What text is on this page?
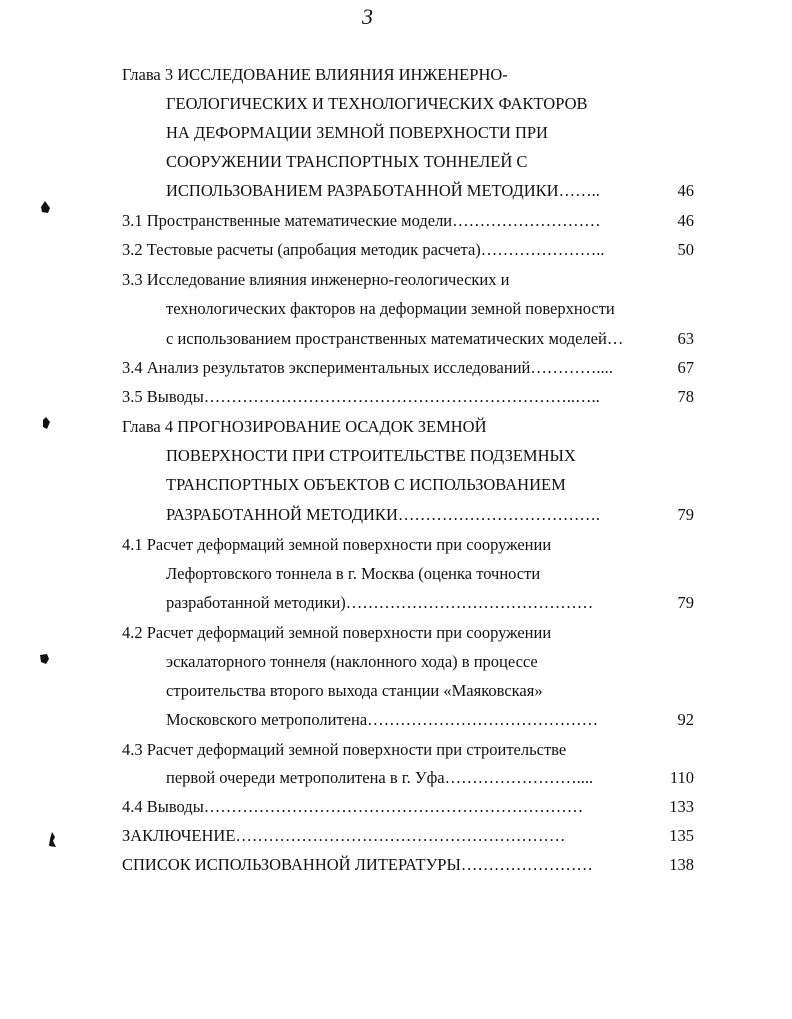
3
Глава 3 ИССЛЕДОВАНИЕ ВЛИЯНИЯ ИНЖЕНЕРНО-
ГЕОЛОГИЧЕСКИХ И ТЕХНОЛОГИЧЕСКИХ ФАКТОРОВ
НА ДЕФОРМАЦИИ ЗЕМНОЙ ПОВЕРХНОСТИ ПРИ
СООРУЖЕНИИ ТРАНСПОРТНЫХ ТОННЕЛЕЙ С
ИСПОЛЬЗОВАНИЕМ РАЗРАБОТАННОЙ МЕТОДИКИ……..	46
3.1 Пространственные математические модели………………………	46
3.2 Тестовые расчеты (апробация методик расчета)…………………..	50
3.3 Исследование влияния инженерно-геологических и
технологических факторов на деформации земной поверхности
с использованием пространственных математических моделей…	63
3.4 Анализ результатов экспериментальных исследований…………....	67
3.5 Выводы…………………………………………………………..…..	78
Глава 4 ПРОГНОЗИРОВАНИЕ ОСАДОК ЗЕМНОЙ
ПОВЕРХНОСТИ ПРИ СТРОИТЕЛЬСТВЕ ПОДЗЕМНЫХ
ТРАНСПОРТНЫХ ОБЪЕКТОВ С ИСПОЛЬЗОВАНИЕМ
РАЗРАБОТАННОЙ МЕТОДИКИ……………………………….	79
4.1 Расчет деформаций земной поверхности при сооружении
Лефортовского тоннела в г. Москва (оценка точности
разработанной методики)………………………………………	79
4.2 Расчет деформаций земной поверхности при сооружении
эскалаторного тоннеля (наклонного хода) в процессе
строительства второго выхода станции «Маяковская»
Московского метрополитена……………………………………	92
4.3 Расчет деформаций земной поверхности при строительстве
первой очереди метрополитена в г. Уфа……………………....	110
4.4 Выводы……………………………………………………………	133
ЗАКЛЮЧЕНИЕ……………………………………………………	135
СПИСОК ИСПОЛЬЗОВАННОЙ ЛИТЕРАТУРЫ……………………	138
